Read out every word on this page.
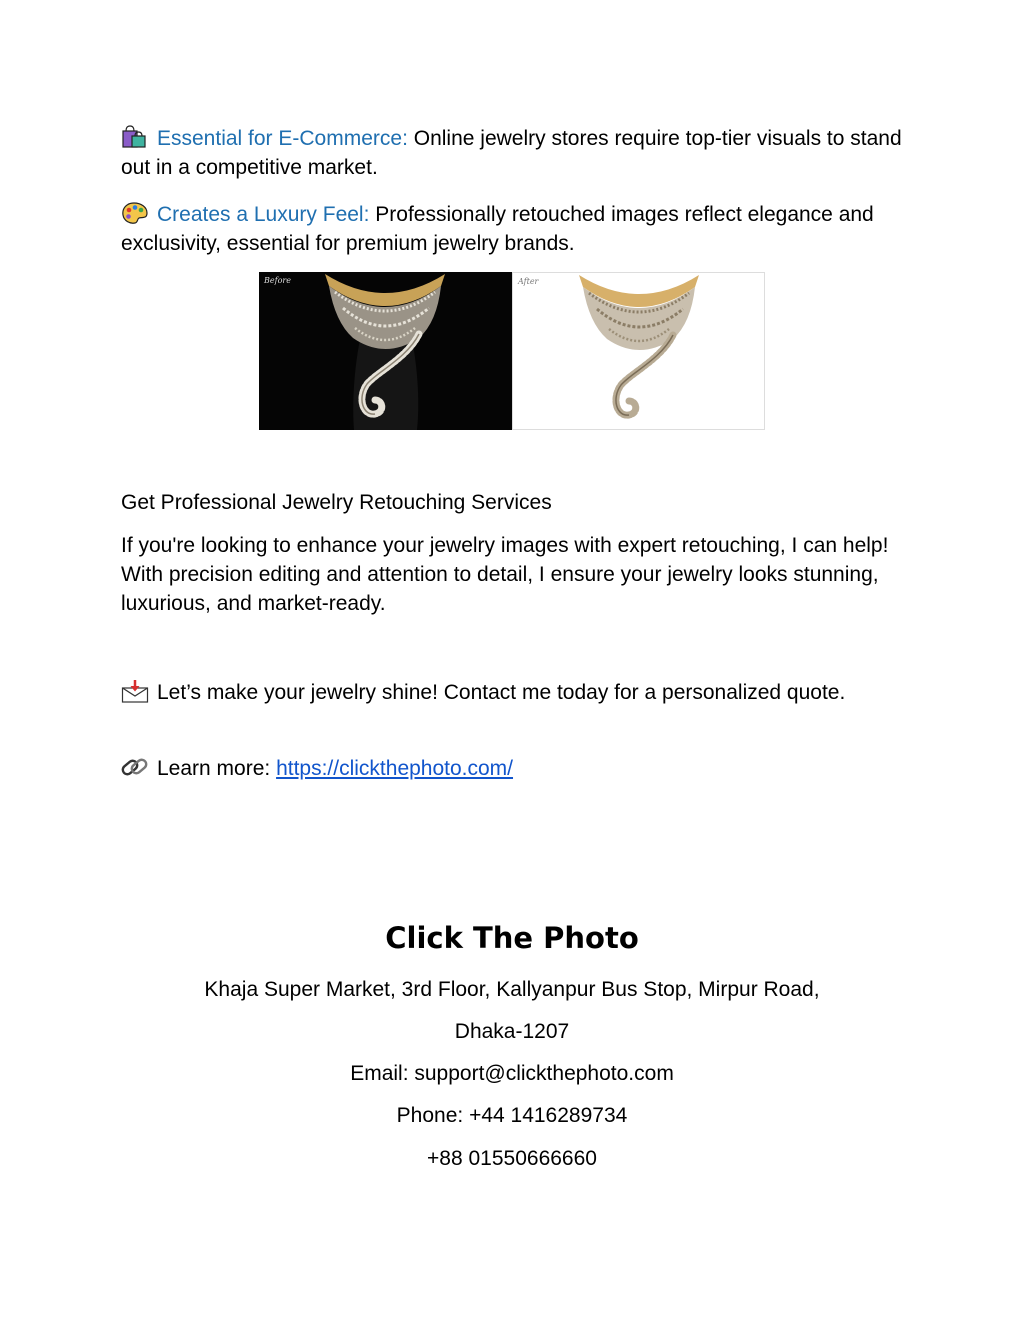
Essential for E-Commerce: Online jewelry stores require top-tier visuals to stand out in a competitive market.

Creates a Luxury Feel: Professionally retouched images reflect elegance and exclusivity, essential for premium jewelry brands.

Before	After
Get Professional Jewelry Retouching Services

If you're looking to enhance your jewelry images with expert retouching, I can help! With precision editing and attention to detail, I ensure your jewelry looks stunning, luxurious, and market-ready.

Let’s make your jewelry shine! Contact me today for a personalized quote.

Learn more: https://clickthephoto.com/

Click The Photo
Khaja Super Market, 3rd Floor, Kallyanpur Bus Stop, Mirpur Road,
Dhaka-1207
Email: support@clickthephoto.com
Phone: +44 1416289734
+88 01550666660
